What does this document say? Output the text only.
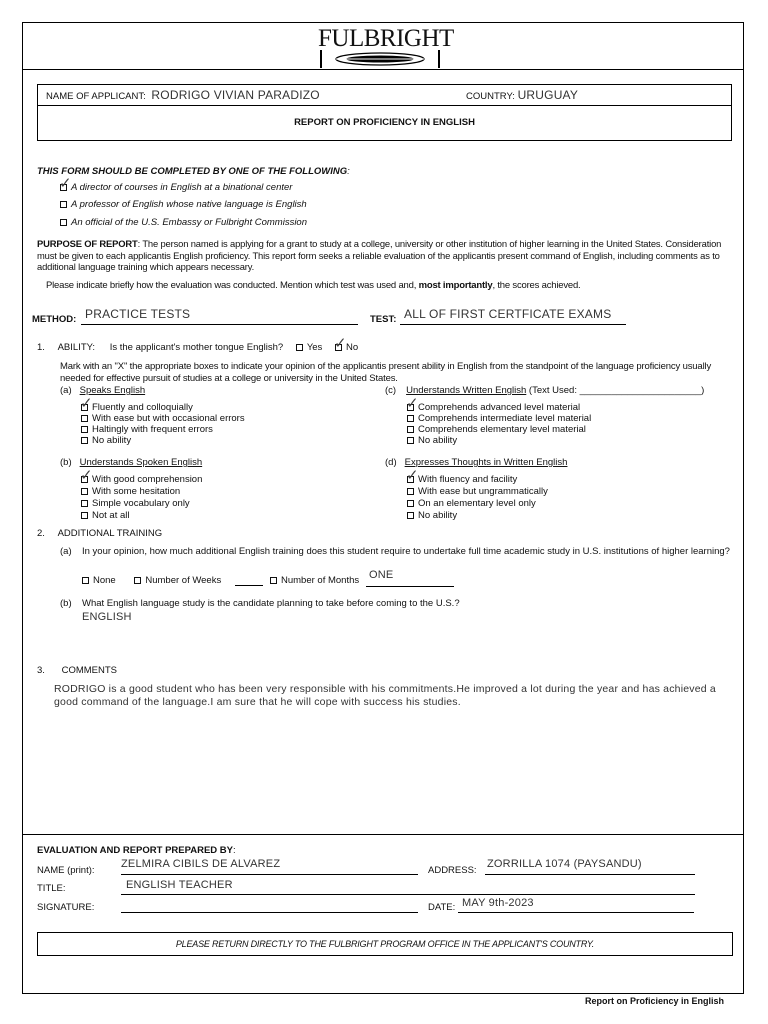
FULBRIGHT
NAME OF APPLICANT: RODRIGO VIVIAN PARADIZO	COUNTRY: URUGUAY
REPORT ON PROFICIENCY IN ENGLISH
THIS FORM SHOULD BE COMPLETED BY ONE OF THE FOLLOWING:
✓ A director of courses in English at a binational center
A professor of English whose native language is English
An official of the U.S. Embassy or Fulbright Commission
PURPOSE OF REPORT: The person named is applying for a grant to study at a college, university or other institution of higher learning in the United States. Consideration must be given to each applicantis English proficiency. This report form seeks a reliable evaluation of the applicantis present command of English, including comments as to additional language training which appears necessary.
Please indicate briefly how the evaluation was conducted. Mention which test was used and, most importantly, the scores achieved.
METHOD: PRACTICE TESTS	TEST: ALL OF FIRST CERTFICATE EXAMS
1. ABILITY: Is the applicant's mother tongue English? Yes ✓ No
Mark with an "X" the appropriate boxes to indicate your opinion of the applicantis present ability in English from the standpoint of the language proficiency usually needed for effective pursuit of studies at a college or university in the United States.
(a) Speaks English
✓ Fluently and colloquially
With ease but with occasional errors
Haltingly with frequent errors
No ability
(c) Understands Written English (Text Used: _______________________)
✓ Comprehends advanced level material
Comprehends intermediate level material
Comprehends elementary level material
No ability
(b) Understands Spoken English
✓ With good comprehension
With some hesitation
Simple vocabulary only
Not at all
(d) Expresses Thoughts in Written English
✓ With fluency and facility
With ease but ungrammatically
On an elementary level only
No ability
2. ADDITIONAL TRAINING
(a) In your opinion, how much additional English training does this student require to undertake full time academic study in U.S. institutions of higher learning?
None	Number of Weeks	Number of Months ONE
(b) What English language study is the candidate planning to take before coming to the U.S.?
ENGLISH
3. COMMENTS
RODRIGO is a good student who has been very responsible with his commitments.He improved a lot during the year and has achieved a good command of the language.I am sure that he will cope with success his studies.
EVALUATION AND REPORT PREPARED BY:
NAME (print):
ZELMIRA CIBILS DE ALVAREZ
ADDRESS:
ZORRILLA 1074 (PAYSANDU)
TITLE:	ENGLISH TEACHER
SIGNATURE:	DATE: MAY 9th-2023
PLEASE RETURN DIRECTLY TO THE FULBRIGHT PROGRAM OFFICE IN THE APPLICANT'S COUNTRY.
Report on Proficiency in English
